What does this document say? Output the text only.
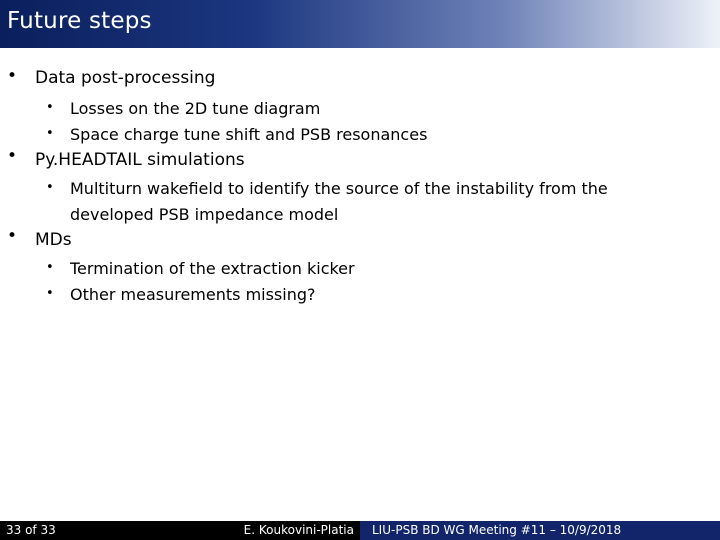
Future steps
• Data post-processing
• Losses on the 2D tune diagram
• Space charge tune shift and PSB resonances
• Py.HEADTAIL simulations
• Multiturn wakefield to identify the source of the instability from the developed PSB impedance model
• MDs
• Termination of the extraction kicker
• Other measurements missing?
33 of 33	E. Koukovini-Platia	LIU-PSB BD WG Meeting #11 – 10/9/2018
